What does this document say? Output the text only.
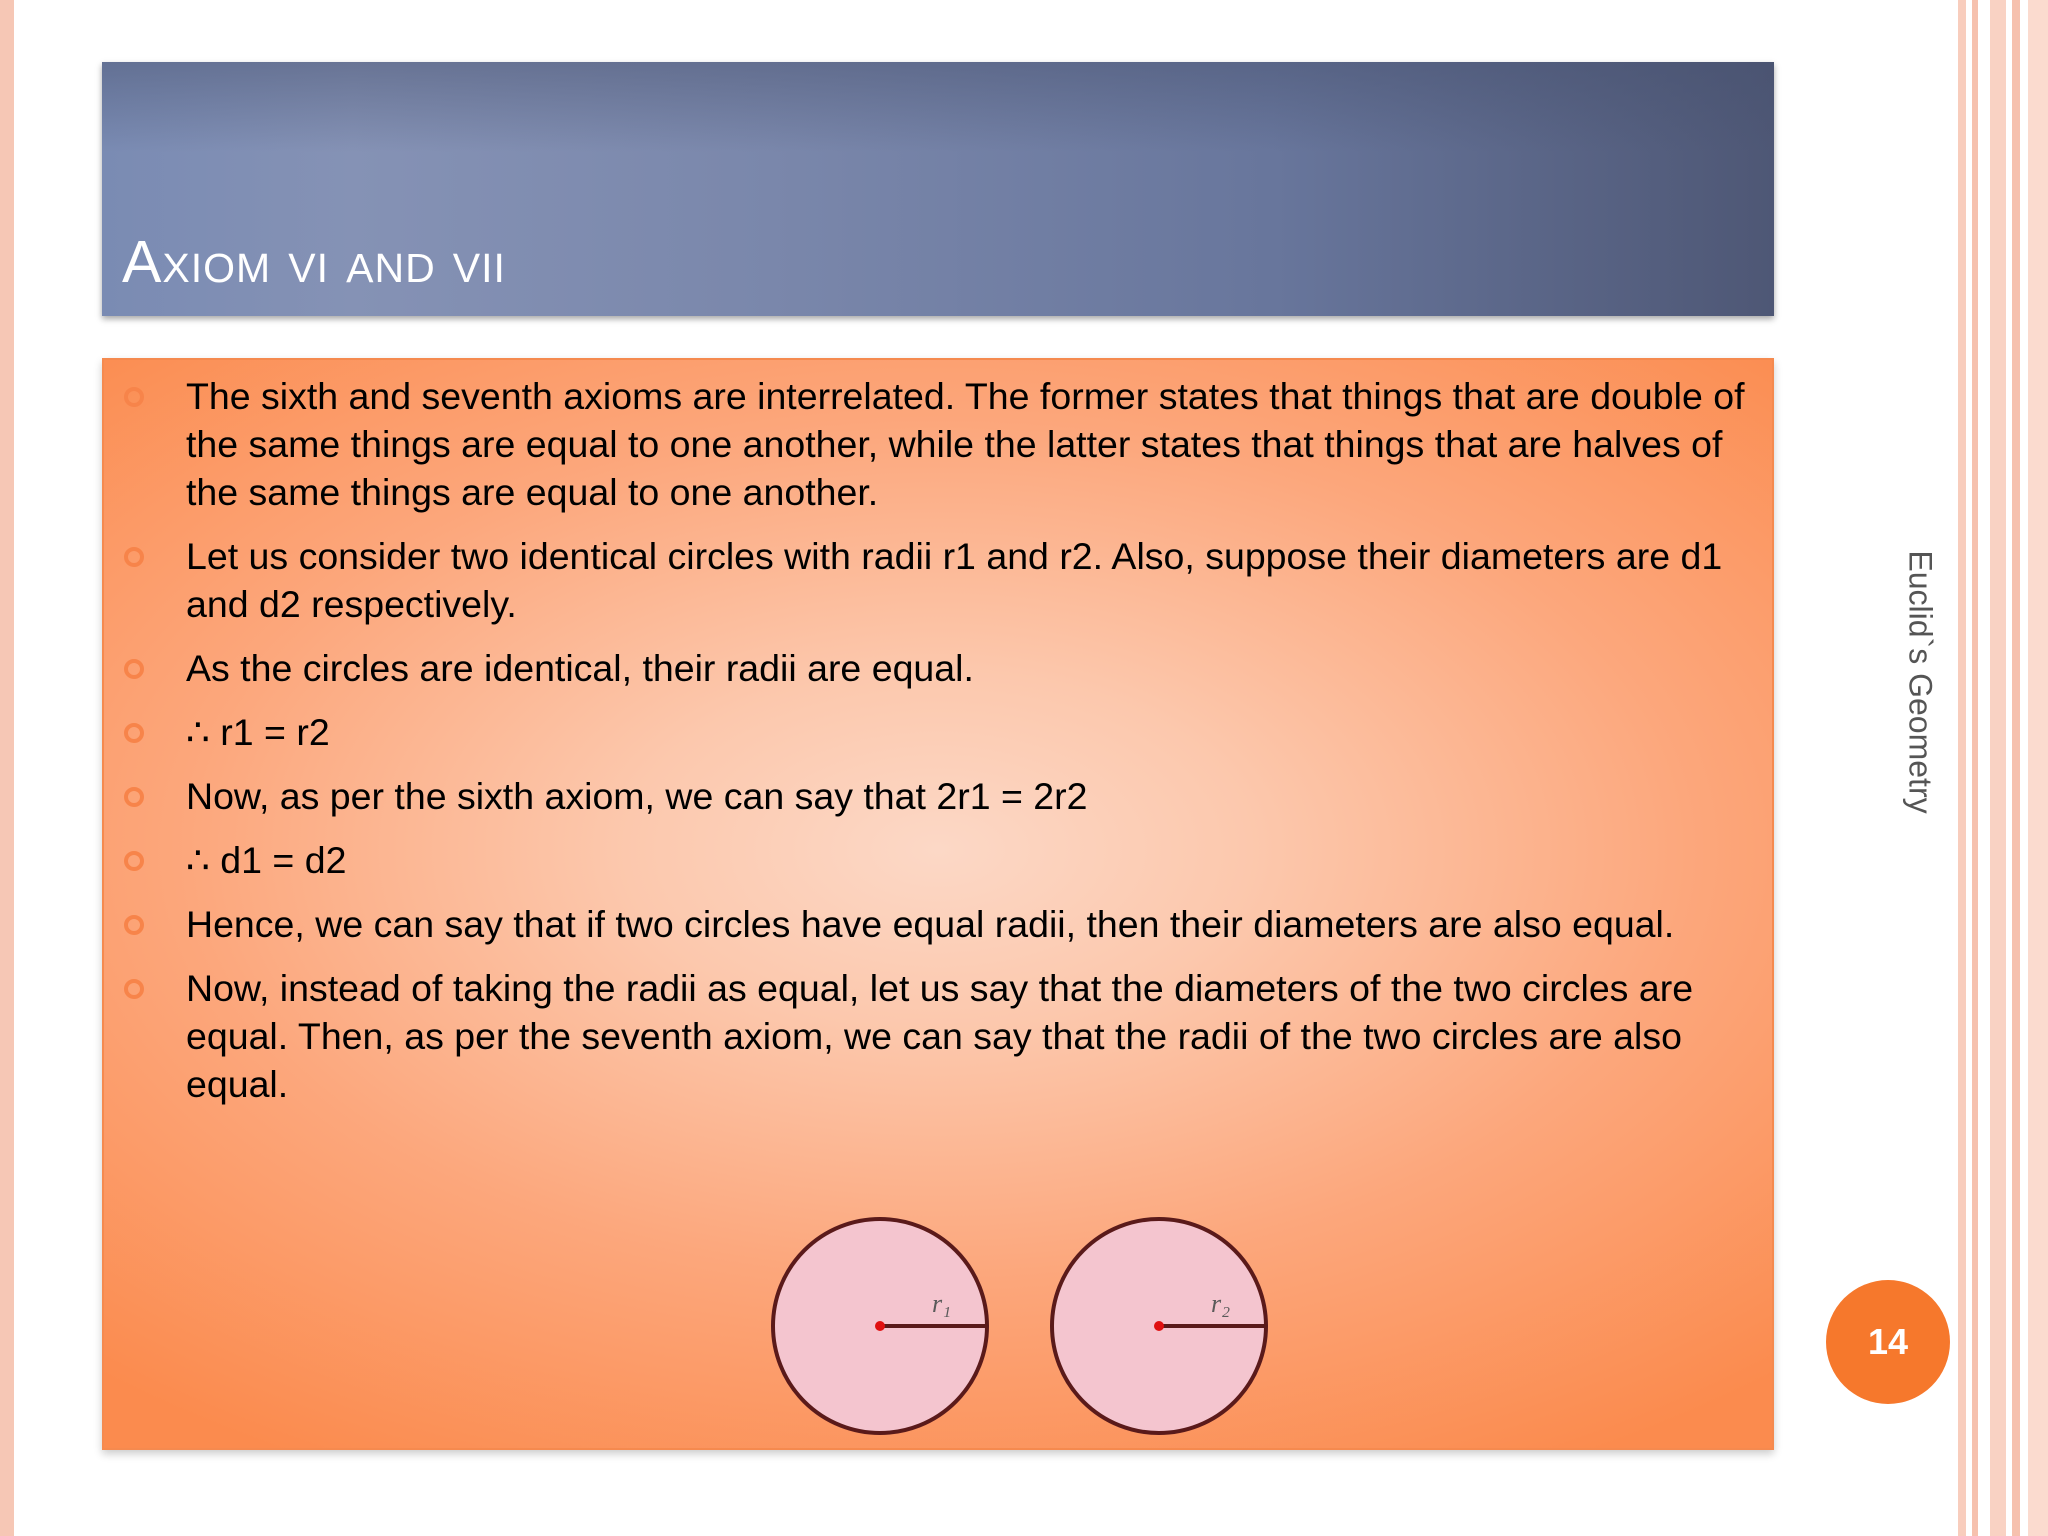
axiom vi and vii
The sixth and seventh axioms are interrelated. The former states that things that are double of the same things are equal to one another, while the latter states that things that are halves of the same things are equal to one another.
Let us consider two identical circles with radii r1 and r2. Also, suppose their diameters are d1 and d2 respectively.
As the circles are identical, their radii are equal.
∴ r1 = r2
Now, as per the sixth axiom, we can say that 2r1 = 2r2
∴ d1 = d2
Hence, we can say that if two circles have equal radii, then their diameters are also equal.
Now, instead of taking the radii as equal, let us say that the diameters of the two circles are equal. Then, as per the seventh axiom, we can say that the radii of the two circles are also equal.
r₁	r₂
Euclid`s Geometry
14
